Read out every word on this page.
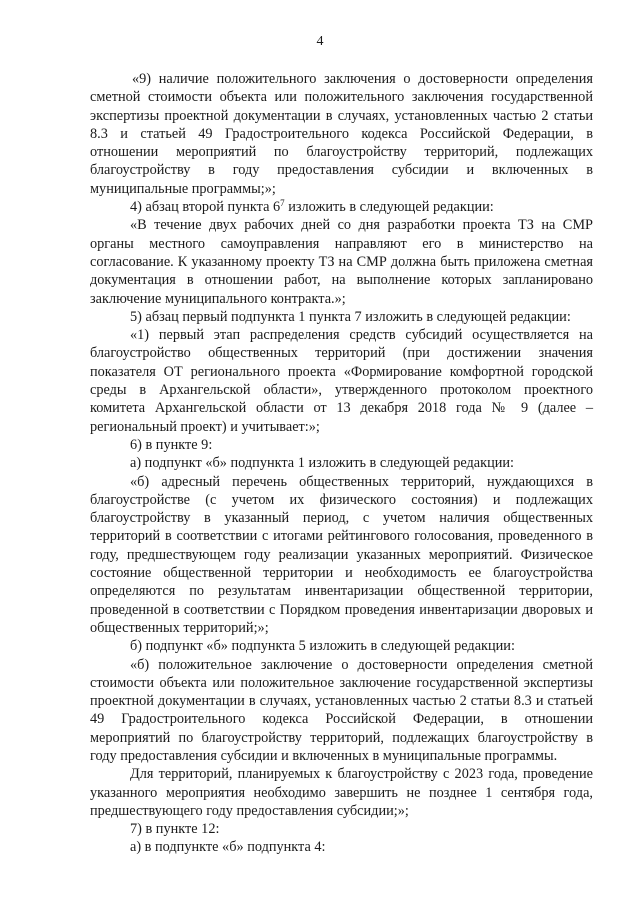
4

«9) наличие положительного заключения о достоверности определения сметной стоимости объекта или положительного заключения государственной экспертизы проектной документации в случаях, установленных частью 2 статьи 8.3 и статьей 49 Градостроительного кодекса Российской Федерации, в отношении мероприятий по благоустройству территорий, подлежащих благоустройству в году предоставления субсидии и включенных в муниципальные программы;»;

4) абзац второй пункта $6^7$ изложить в следующей редакции:

«В течение двух рабочих дней со дня разработки проекта ТЗ на СМР органы местного самоуправления направляют его в министерство на согласование. К указанному проекту ТЗ на СМР должна быть приложена сметная документация в отношении работ, на выполнение которых запланировано заключение муниципального контракта.»;

5) абзац первый подпункта 1 пункта 7 изложить в следующей редакции:

«1) первый этап распределения средств субсидий осуществляется на благоустройство общественных территорий (при достижении значения показателя ОТ регионального проекта «Формирование комфортной городской среды в Архангельской области», утвержденного протоколом проектного комитета Архангельской области от 13 декабря 2018 года № 9 (далее – региональный проект) и учитывает:»;

6) в пункте 9:

а) подпункт «б» подпункта 1 изложить в следующей редакции:

«б) адресный перечень общественных территорий, нуждающихся в благоустройстве (с учетом их физического состояния) и подлежащих благоустройству в указанный период, с учетом наличия общественных территорий в соответствии с итогами рейтингового голосования, проведенного в году, предшествующем году реализации указанных мероприятий. Физическое состояние общественной территории и необходимость ее благоустройства определяются по результатам инвентаризации общественной территории, проведенной в соответствии с Порядком проведения инвентаризации дворовых и общественных территорий;»;

б) подпункт «б» подпункта 5 изложить в следующей редакции:

«б) положительное заключение о достоверности определения сметной стоимости объекта или положительное заключение государственной экспертизы проектной документации в случаях, установленных частью 2 статьи 8.3 и статьей 49 Градостроительного кодекса Российской Федерации, в отношении мероприятий по благоустройству территорий, подлежащих благоустройству в году предоставления субсидии и включенных в муниципальные программы.

Для территорий, планируемых к благоустройству с 2023 года, проведение указанного мероприятия необходимо завершить не позднее 1 сентября года, предшествующего году предоставления субсидии;»;

7) в пункте 12:

а) в подпункте «б» подпункта 4:
